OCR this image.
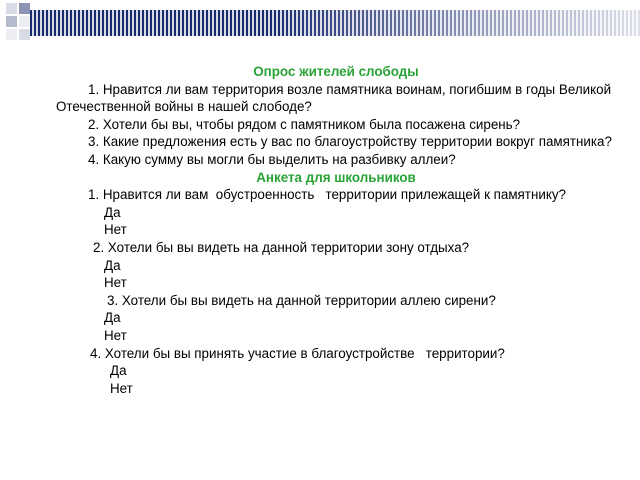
Опрос жителей слободы
1. Нравится ли вам территория возле памятника воинам, погибшим в годы Великой Отечественной войны в нашей слободе?
2. Хотели бы вы, чтобы рядом с памятником была посажена сирень?
3. Какие предложения есть у вас по благоустройству территории вокруг памятника?
4. Какую сумму вы могли бы выделить на разбивку аллеи?
Анкета для школьников
1. Нравится ли вам  обустроенность   территории прилежащей к памятнику?
Да
Нет
2. Хотели бы вы видеть на данной территории зону отдыха?
Да
Нет
3. Хотели бы вы видеть на данной территории аллею сирени?
Да
Нет
4. Хотели бы вы принять участие в благоустройстве   территории?
Да
Нет
